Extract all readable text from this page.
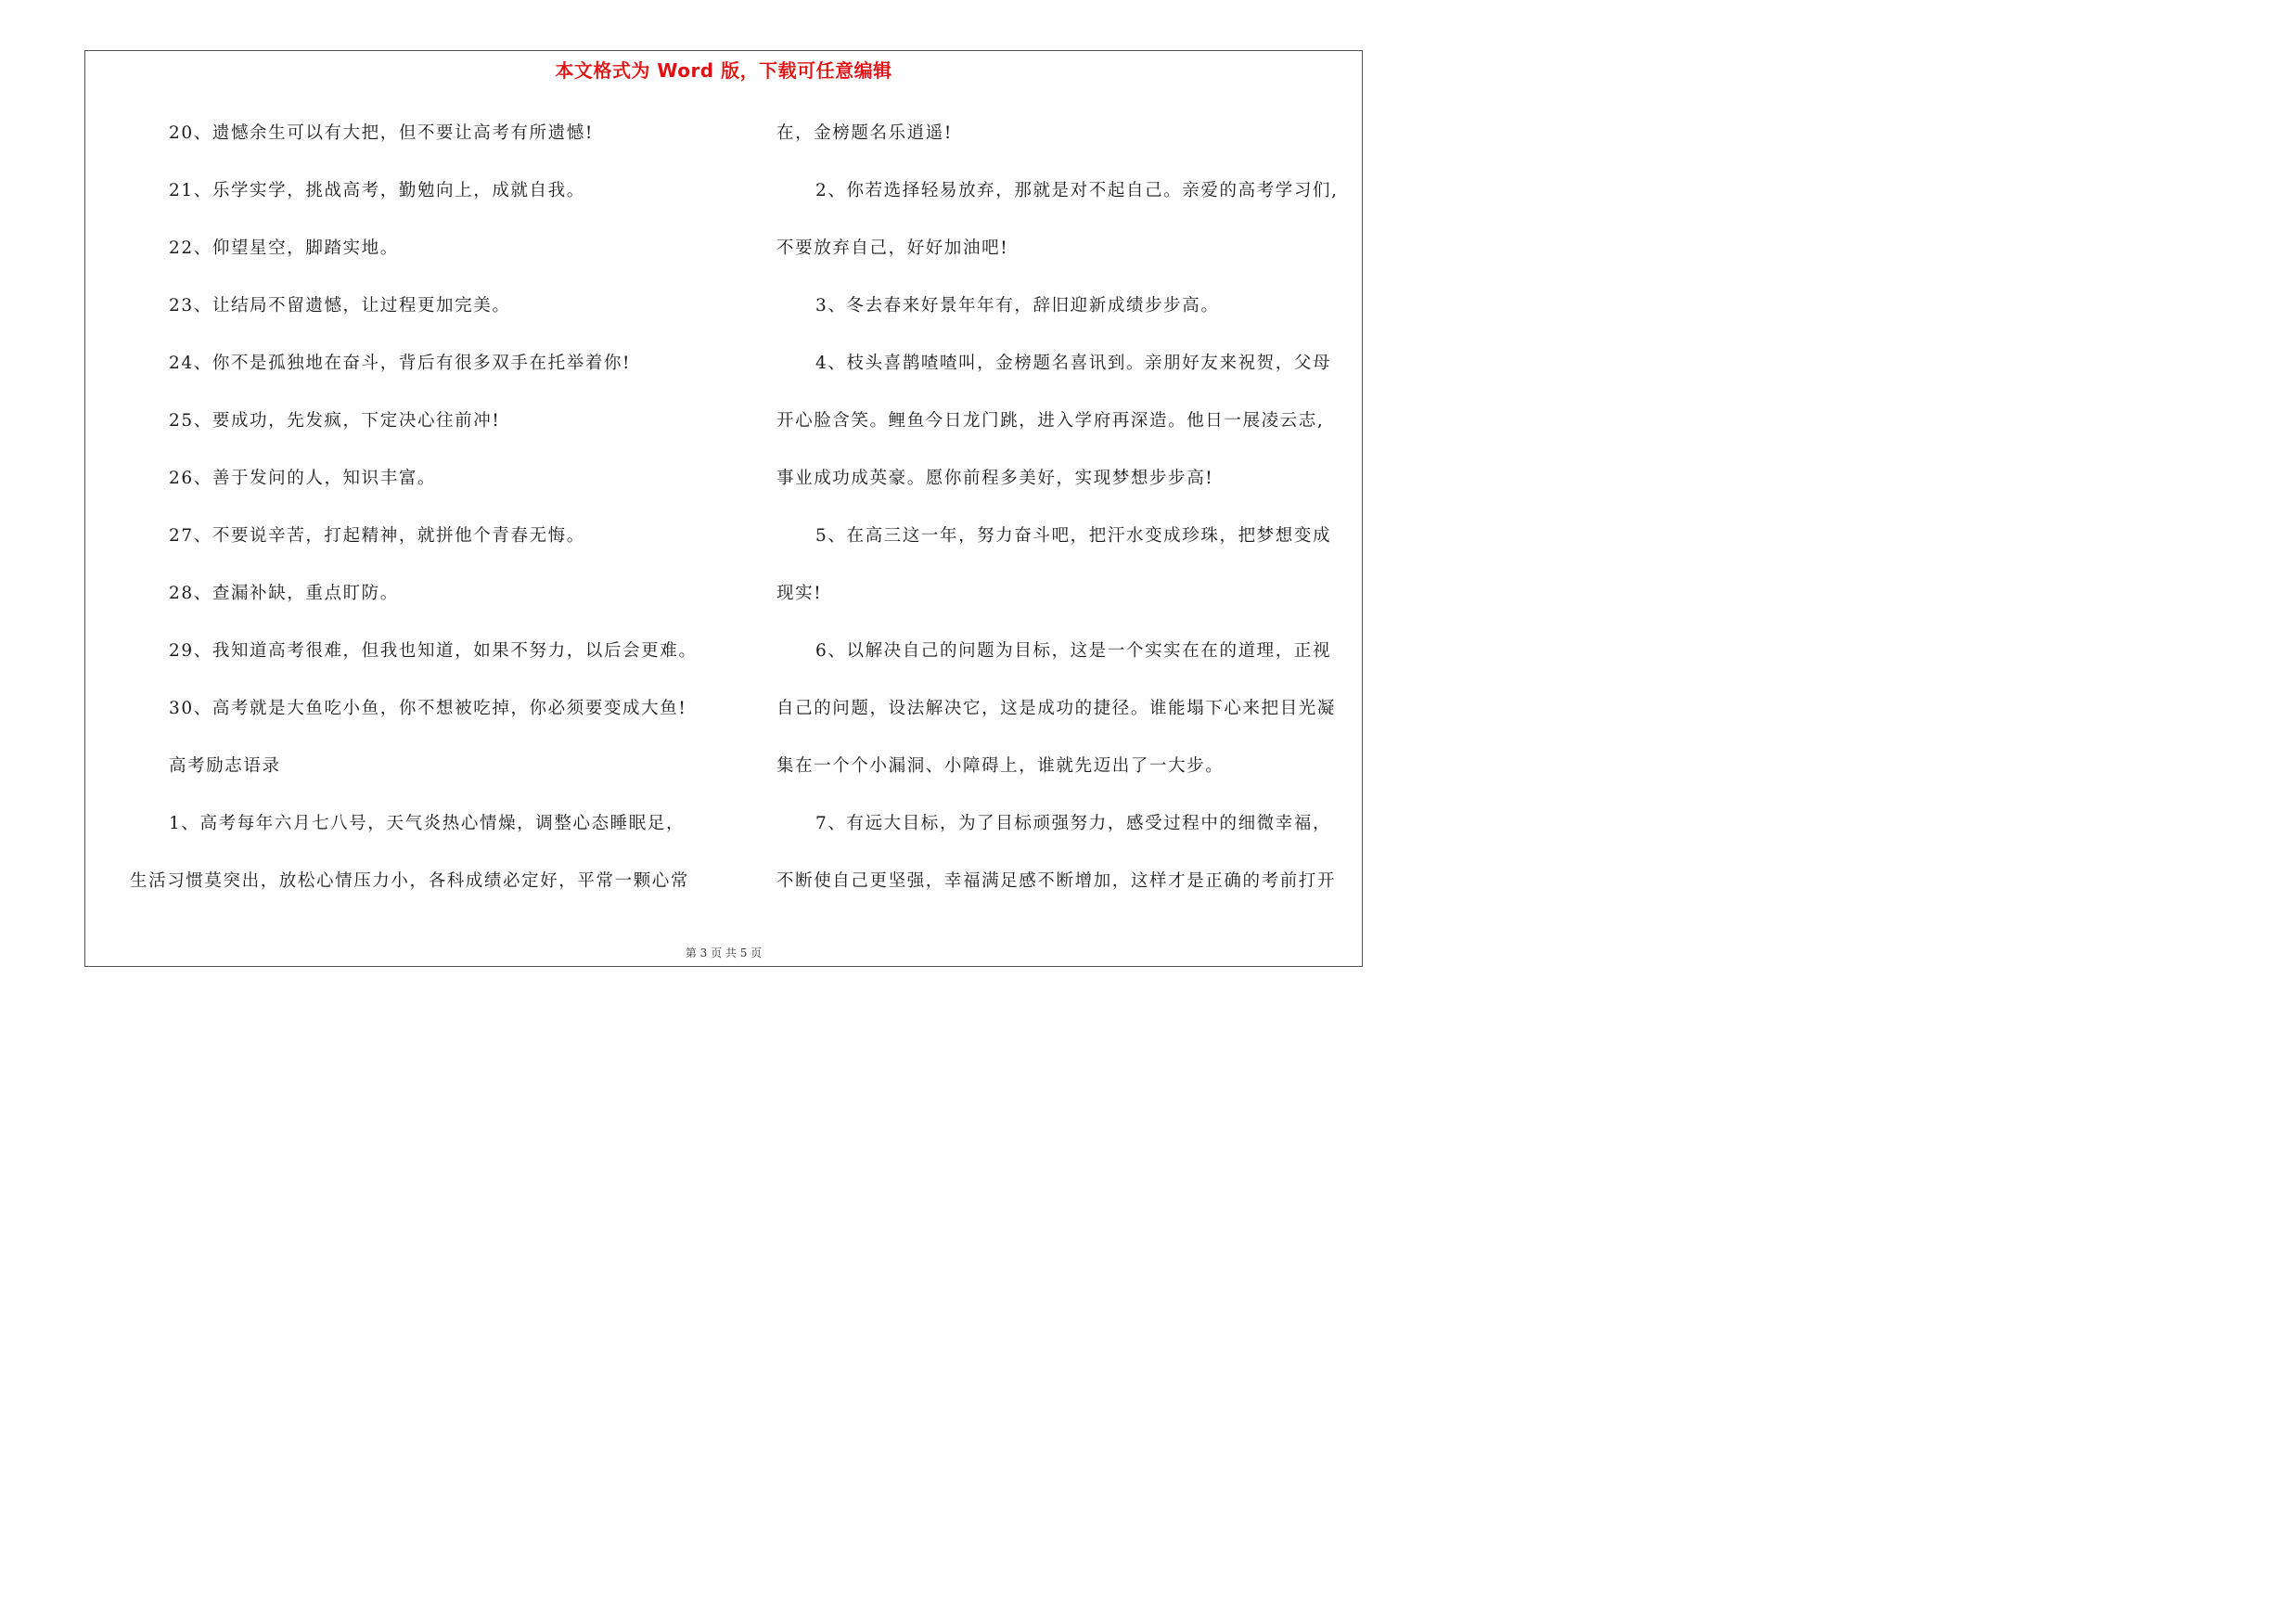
本文格式为 Word 版，下载可任意编辑
20、遗憾余生可以有大把，但不要让高考有所遗憾!
21、乐学实学，挑战高考，勤勉向上，成就自我。
22、仰望星空，脚踏实地。
23、让结局不留遗憾，让过程更加完美。
24、你不是孤独地在奋斗，背后有很多双手在托举着你!
25、要成功，先发疯，下定决心往前冲!
26、善于发问的人，知识丰富。
27、不要说辛苦，打起精神，就拼他个青春无悔。
28、查漏补缺，重点盯防。
29、我知道高考很难，但我也知道，如果不努力，以后会更难。
30、高考就是大鱼吃小鱼，你不想被吃掉，你必须要变成大鱼!
高考励志语录
1、高考每年六月七八号，天气炎热心情燥，调整心态睡眠足，
生活习惯莫突出，放松心情压力小，各科成绩必定好，平常一颗心常
在，金榜题名乐逍遥!
2、你若选择轻易放弃，那就是对不起自己。亲爱的高考学习们,
不要放弃自己，好好加油吧!
3、冬去春来好景年年有，辞旧迎新成绩步步高。
4、枝头喜鹊喳喳叫，金榜题名喜讯到。亲朋好友来祝贺，父母
开心脸含笑。鲤鱼今日龙门跳，进入学府再深造。他日一展凌云志,
事业成功成英豪。愿你前程多美好，实现梦想步步高!
5、在高三这一年，努力奋斗吧，把汗水变成珍珠，把梦想变成
现实!
6、以解决自己的问题为目标，这是一个实实在在的道理，正视
自己的问题，设法解决它，这是成功的捷径。谁能塌下心来把目光凝
集在一个个小漏洞、小障碍上，谁就先迈出了一大步。
7、有远大目标，为了目标顽强努力，感受过程中的细微幸福，
不断使自己更坚强，幸福满足感不断增加，这样才是正确的考前打开
第 3 页 共 5 页
